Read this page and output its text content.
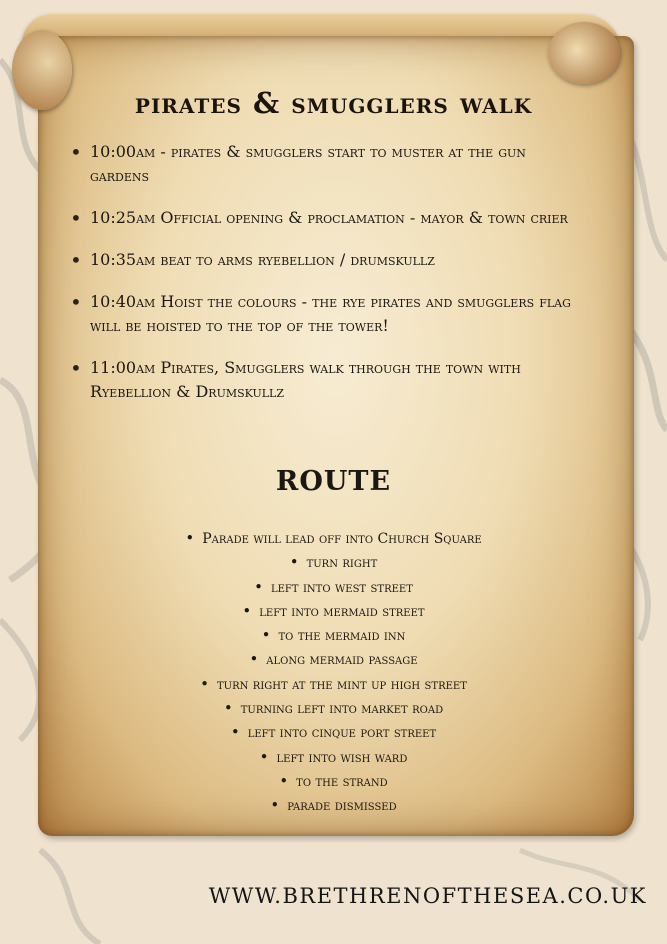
pirates & smugglers walk
• 10:00am - pirates & smugglers start to muster at the gun gardens
• 10:25am Official opening & proclamation - mayor & town crier
• 10:35am beat to arms ryebellion / drumskullz
• 10:40am Hoist the colours - the rye pirates and smugglers flag will be hoisted to the top of the tower!
• 11:00am Pirates, Smugglers walk through the town with Ryebellion & Drumskullz
ROUTE
• Parade will lead off into Church Square
• turn right
• left into west street
• left into mermaid street
• to the mermaid inn
• along mermaid passage
• turn right at the mint up high street
• turning left into market road
• left into cinque port street
• left into wish ward
• to the strand
• parade dismissed
WWW.BRETHRENOFTHESEA.CO.UK
